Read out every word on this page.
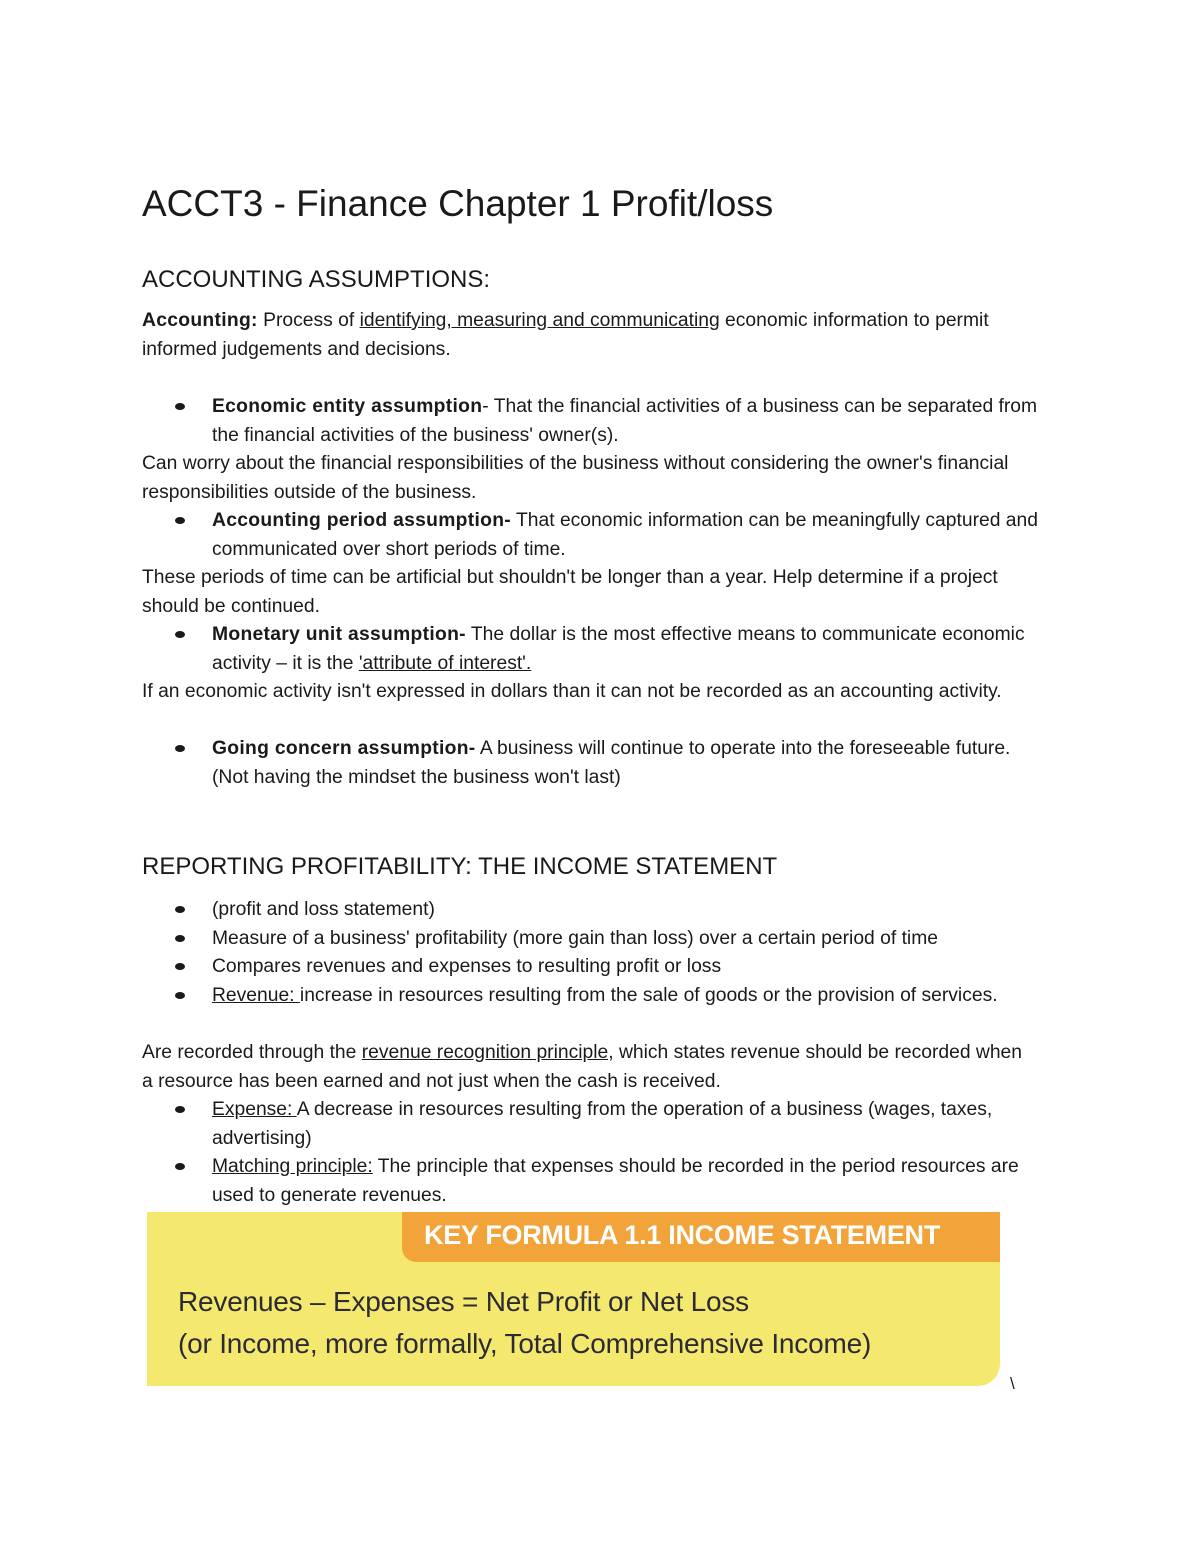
ACCT3 - Finance Chapter 1 Profit/loss
ACCOUNTING ASSUMPTIONS:

Accounting: Process of identifying, measuring and communicating economic information to permit informed judgements and decisions.

Economic entity assumption- That the financial activities of a business can be separated from the financial activities of the business' owner(s).

Can worry about the financial responsibilities of the business without considering the owner's financial responsibilities outside of the business.

Accounting period assumption- That economic information can be meaningfully captured and communicated over short periods of time.

These periods of time can be artificial but shouldn't be longer than a year. Help determine if a project should be continued.

Monetary unit assumption- The dollar is the most effective means to communicate economic activity – it is the 'attribute of interest'.

If an economic activity isn't expressed in dollars than it can not be recorded as an accounting activity.

Going concern assumption- A business will continue to operate into the foreseeable future. (Not having the mindset the business won't last)

REPORTING PROFITABILITY: THE INCOME STATEMENT

(profit and loss statement)

Measure of a business' profitability (more gain than loss) over a certain period of time

Compares revenues and expenses to resulting profit or loss

Revenue: increase in resources resulting from the sale of goods or the provision of services.

Are recorded through the revenue recognition principle, which states revenue should be recorded when a resource has been earned and not just when the cash is received.

Expense: A decrease in resources resulting from the operation of a business (wages, taxes, advertising)

Matching principle: The principle that expenses should be recorded in the period resources are used to generate revenues.

KEY FORMULA 1.1 INCOME STATEMENT
Revenues – Expenses = Net Profit or Net Loss
(or Income, more formally, Total Comprehensive Income)
\
